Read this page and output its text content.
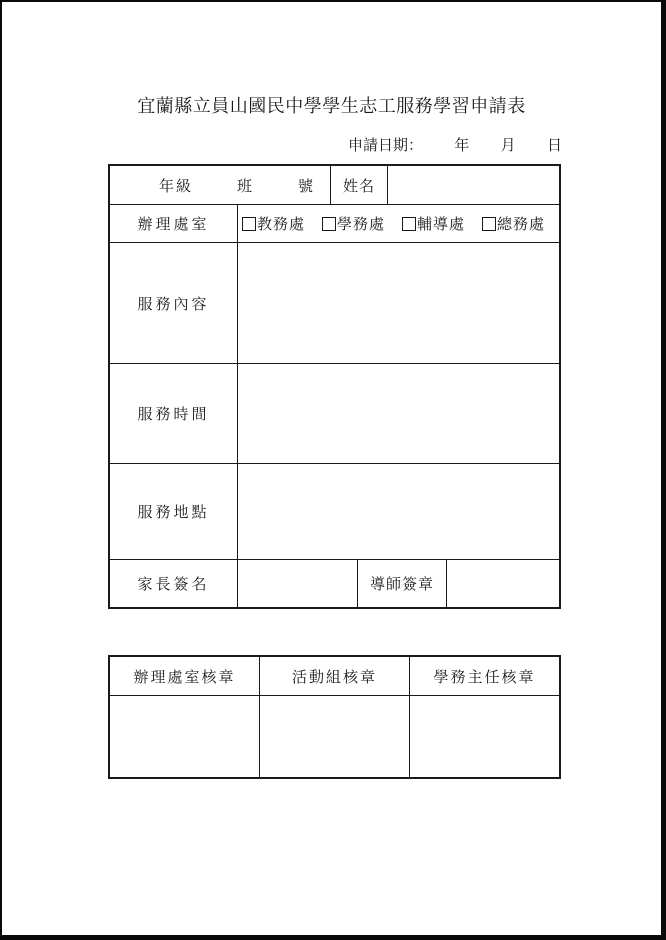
宜蘭縣立員山國民中學學生志工服務學習申請表
申請日期： 年 月 日
年級	班	號	姓名
辦理處室	教務處 學務處 輔導處 總務處
服務內容
服務時間
服務地點
家長簽名	導師簽章
辦理處室核章	活動組核章	學務主任核章
